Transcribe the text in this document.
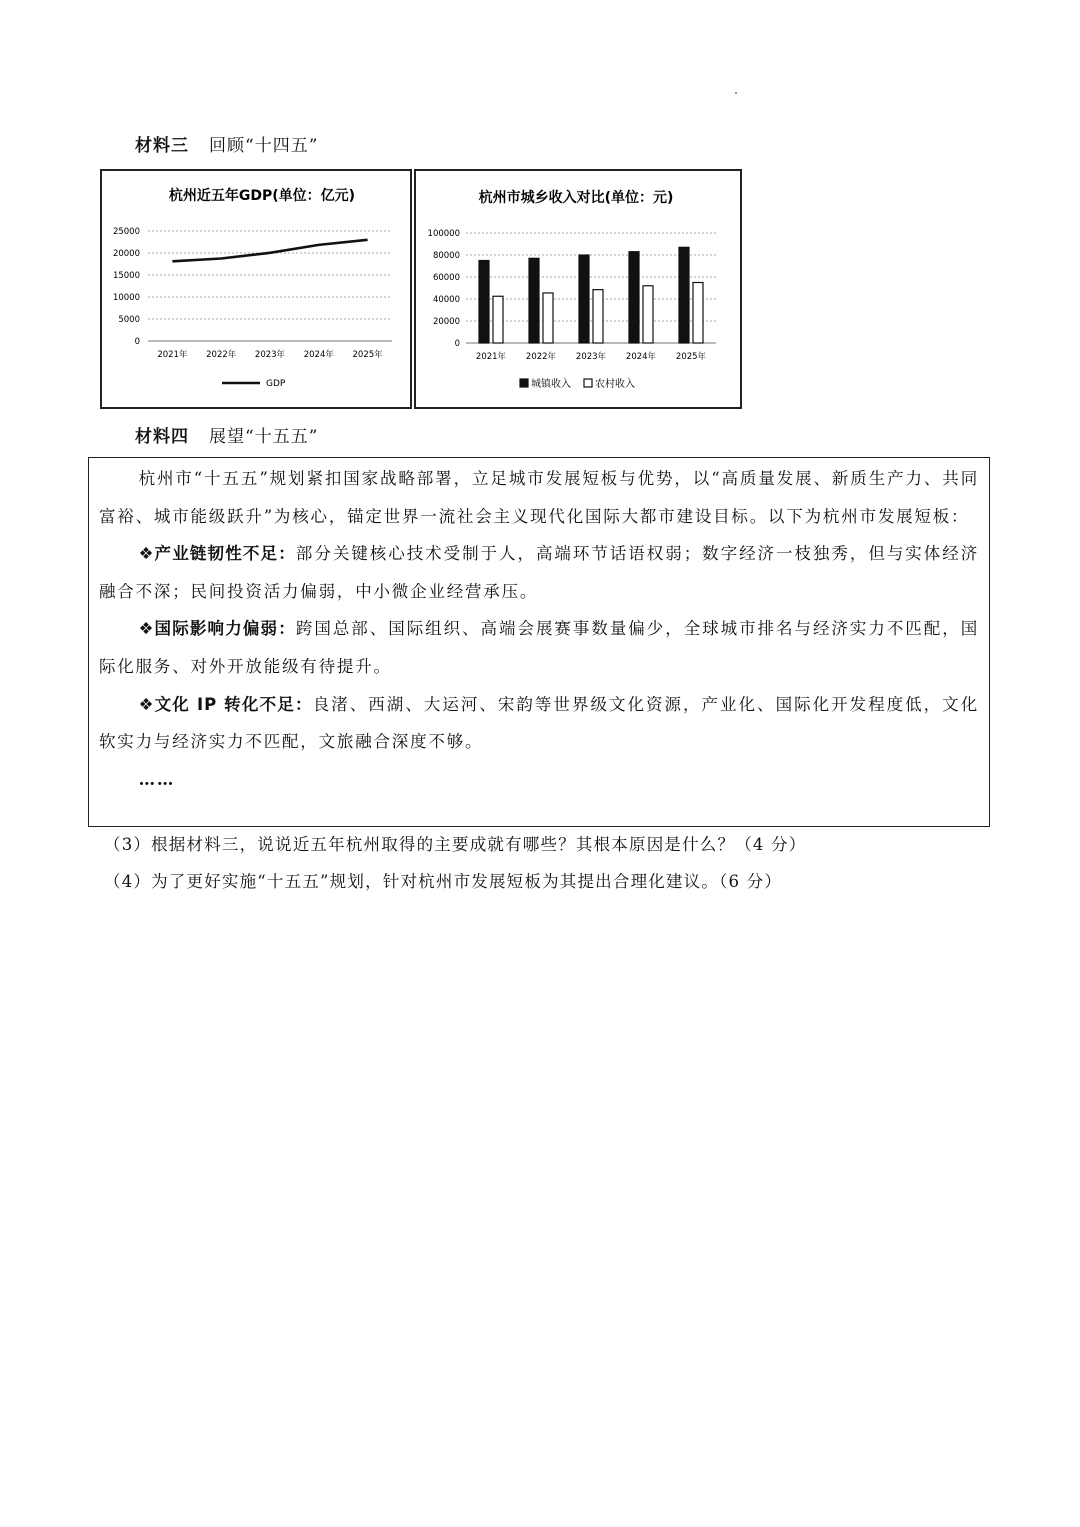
材料三 回顾“十四五”
杭州近五年GDP(单位：亿元)
0
5000
10000
15000
20000
25000
2021年 2022年 2023年 2024年 2025年
GDP
杭州市城乡收入对比(单位：元)
0
20000
40000
60000
80000
100000
2021年 2022年 2023年 2024年 2025年
城镇收入 农村收入
材料四 展望“十五五”

杭州市“十五五”规划紧扣国家战略部署，立足城市发展短板与优势，以“高质量发展、新质生产力、共同富裕、城市能级跃升”为核心，锚定世界一流社会主义现代化国际大都市建设目标。以下为杭州市发展短板：

❖产业链韧性不足：部分关键核心技术受制于人，高端环节话语权弱；数字经济一枝独秀，但与实体经济融合不深；民间投资活力偏弱，中小微企业经营承压。

❖国际影响力偏弱：跨国总部、国际组织、高端会展赛事数量偏少，全球城市排名与经济实力不匹配，国际化服务、对外开放能级有待提升。

❖文化 IP 转化不足：良渚、西湖、大运河、宋韵等世界级文化资源，产业化、国际化开发程度低，文化软实力与经济实力不匹配，文旅融合深度不够。

……

（3）根据材料三，说说近五年杭州取得的主要成就有哪些？其根本原因是什么？（4 分）
（4）为了更好实施“十五五”规划，针对杭州市发展短板为其提出合理化建议。（6 分）
